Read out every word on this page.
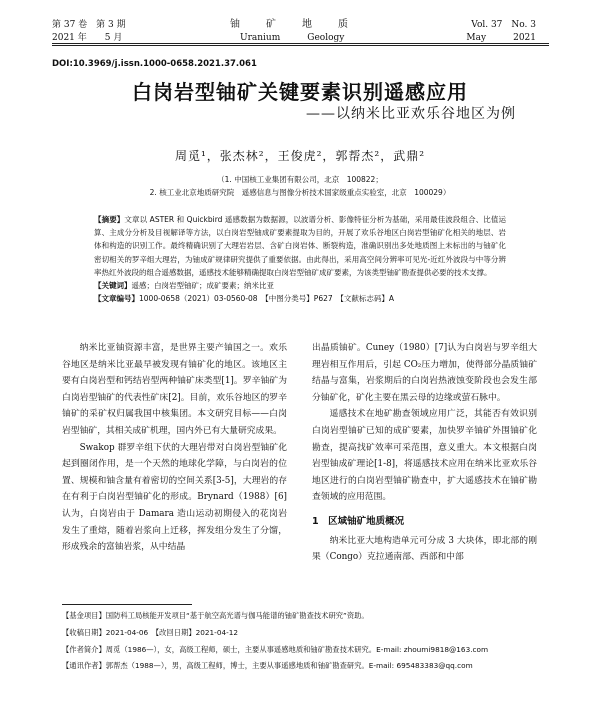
第 37 卷　第 3 期
2021 年　　5 月
铀　　矿　　地　　质
Uranium　　　Geology
Vol. 37　No. 3
May　　　2021
DOI:10.3969/j.issn.1000-0658.2021.37.061
白岗岩型铀矿关键要素识别遥感应用
——以纳米比亚欢乐谷地区为例
周觅¹，张杰林²，王俊虎²，郭帮杰²，武鼎²
（1. 中国核工业集团有限公司，北京　100822；
2. 核工业北京地质研究院　遥感信息与图像分析技术国家级重点实验室，北京　100029）
【摘要】文章以 ASTER 和 Quickbird 遥感数据为数据源，以波谱分析、影像特征分析为基础，采用最佳波段组合、比值运算、主成分分析及目视解译等方法，以白岗岩型铀成矿要素提取为目的，开展了欢乐谷地区白岗岩型铀矿化相关的地层、岩体和构造的识别工作。最终精确识别了大理岩岩层、含矿白岗岩体、断裂构造，准确识别出多处地质图上未标出的与铀矿化密切相关的罗辛组大理岩，为铀成矿规律研究提供了重要依据。由此得出，采用高空间分辨率可见光-近红外波段与中等分辨率热红外波段的组合遥感数据，遥感技术能够精确提取白岗岩型铀矿成矿要素，为该类型铀矿勘查提供必要的技术支撑。
【关键词】遥感；白岗岩型铀矿；成矿要素；纳米比亚
【文章编号】1000-0658（2021）03-0560-08　【中图分类号】P627　【文献标志码】A

纳米比亚铀资源丰富，是世界主要产铀国之一。欢乐谷地区是纳米比亚最早被发现有铀矿化的地区。该地区主要有白岗岩型和钙结岩型两种铀矿床类型[1]。罗辛铀矿为白岗岩型铀矿的代表性矿床[2]。目前，欢乐谷地区的罗辛铀矿的采矿权归属我国中核集团。本文研究目标——白岗岩型铀矿，其相关成矿机理，国内外已有大量研究成果。

Swakop 群罗辛组下伏的大理岩带对白岗岩型铀矿化起到圈闭作用，是一个天然的地球化学障，与白岗岩的位置、规模和铀含量有着密切的空间关系[3-5]，大理岩的存在有利于白岗岩型铀矿化的形成。Brynard（1988）[6]认为，白岗岩由于 Damara 造山运动初期侵入的花岗岩发生了重熔，随着岩浆向上迁移，挥发组分发生了分馏，形成残余的富铀岩浆，从中结晶

出晶质铀矿。Cuney（1980）[7]认为白岗岩与罗辛组大理岩相互作用后，引起 CO₂压力增加，使得部分晶质铀矿结晶与富集，岩浆期后的白岗岩热液蚀变阶段也会发生部分铀矿化，矿化主要在黑云母的边缘或萤石脉中。

遥感技术在地矿勘查领域应用广泛，其能否有效识别白岗岩型铀矿已知的成矿要素，加快罗辛铀矿外围铀矿化勘查，提高找矿效率可采范围，意义重大。本文根据白岗岩型铀成矿理论[1-8]，将遥感技术应用在纳米比亚欢乐谷地区进行的白岗岩型铀矿勘查中，扩大遥感技术在铀矿勘查领域的应用范围。

1　区域铀矿地质概况

纳米比亚大地构造单元可分成 3 大块体，即北部的刚果（Congo）克拉通南部、西部和中部

【基金项目】国防科工局核能开发项目“基于航空高光谱与伽马能谱的铀矿勘查技术研究”资助。

【收稿日期】2021-04-06　【改回日期】2021-04-12

【作者简介】周觅（1986—），女，高级工程师，硕士，主要从事遥感地质和铀矿勘查技术研究。E-mail: zhoumi9818@163.com

【通讯作者】郭帮杰（1988—），男，高级工程师，博士，主要从事遥感地质和铀矿勘查研究。E-mail: 695483383@qq.com
